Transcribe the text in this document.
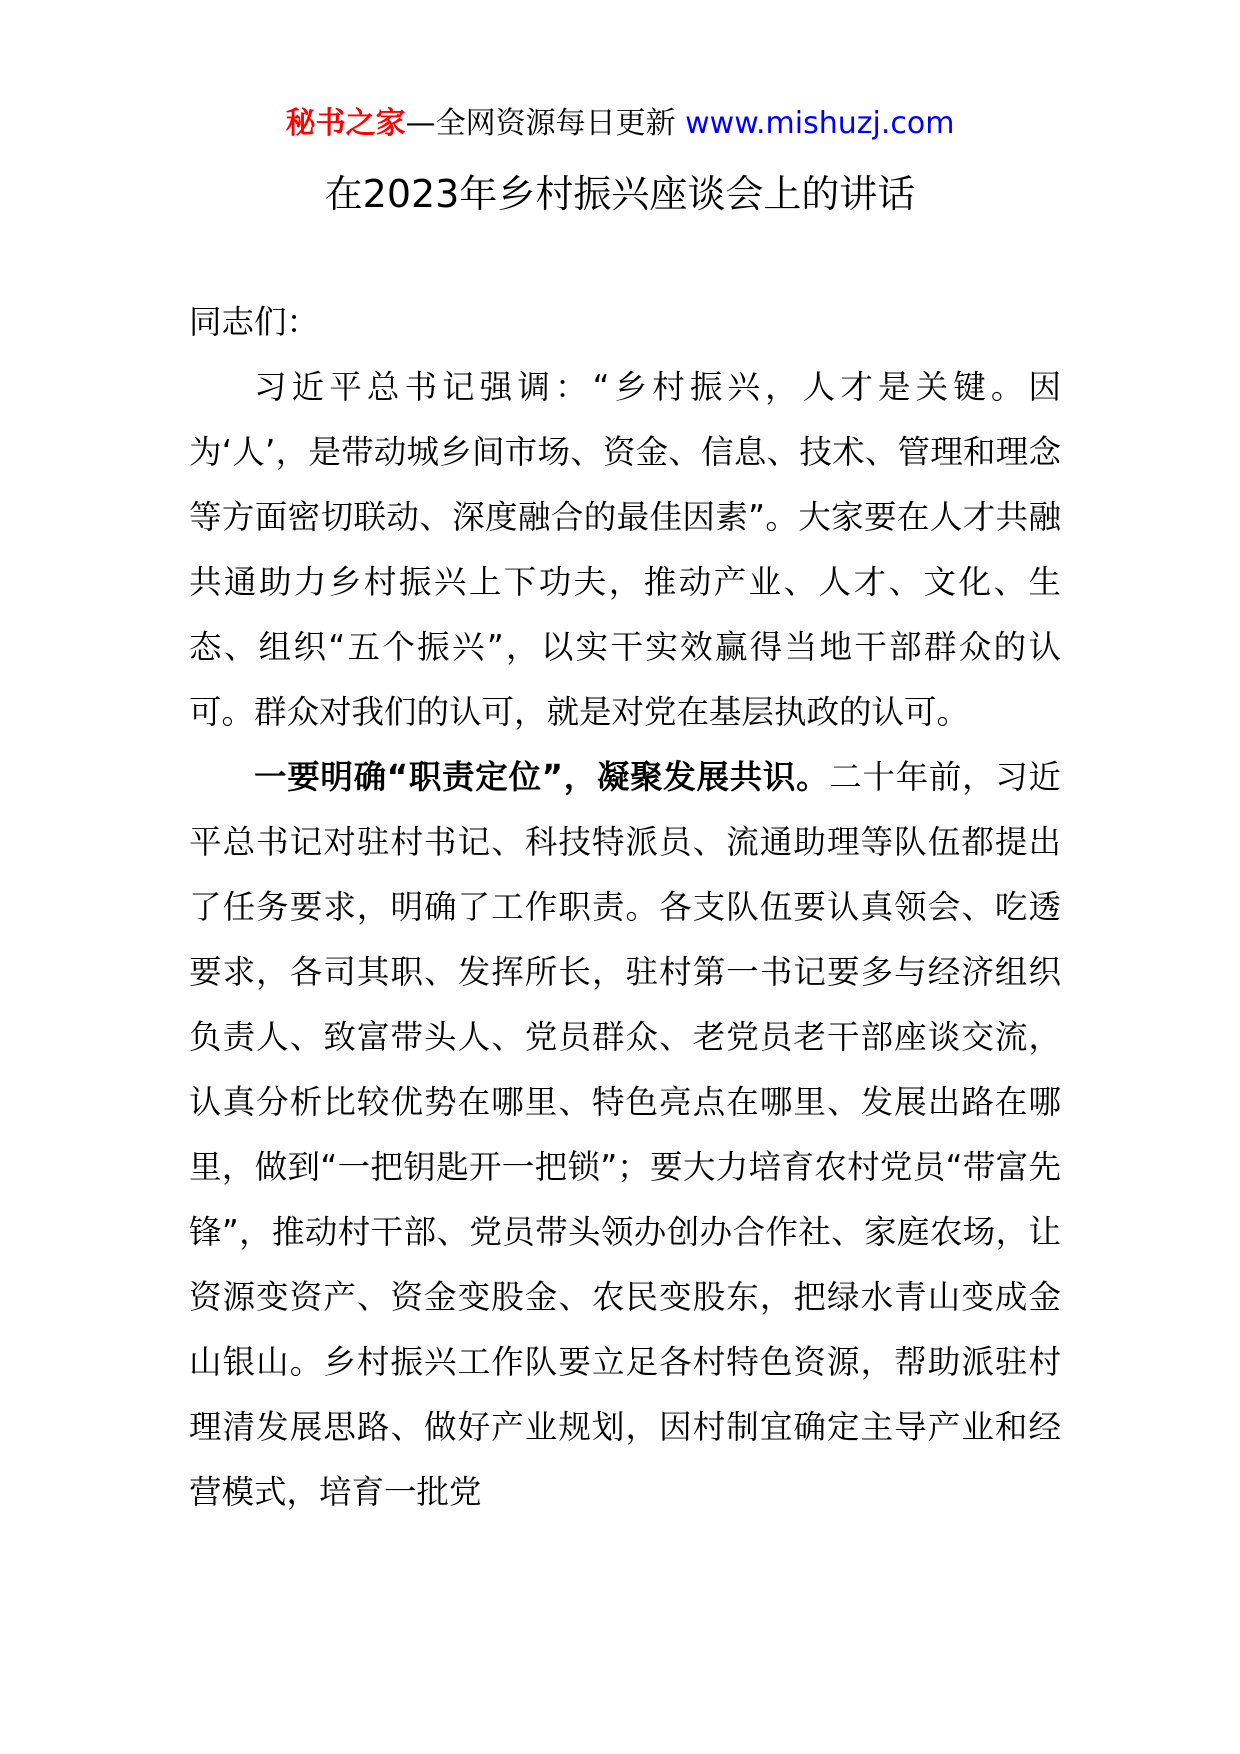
秘书之家—全网资源每日更新 www.mishuzj.com
在2023年乡村振兴座谈会上的讲话

同志们：

习近平总书记强调：“乡村振兴，人才是关键。因为‘人’，是带动城乡间市场、资金、信息、技术、管理和理念等方面密切联动、深度融合的最佳因素”。大家要在人才共融共通助力乡村振兴上下功夫，推动产业、人才、文化、生态、组织“五个振兴”，以实干实效赢得当地干部群众的认可。群众对我们的认可，就是对党在基层执政的认可。

一要明确“职责定位”，凝聚发展共识。二十年前，习近平总书记对驻村书记、科技特派员、流通助理等队伍都提出了任务要求，明确了工作职责。各支队伍要认真领会、吃透要求，各司其职、发挥所长，驻村第一书记要多与经济组织负责人、致富带头人、党员群众、老党员老干部座谈交流，认真分析比较优势在哪里、特色亮点在哪里、发展出路在哪里，做到“一把钥匙开一把锁”；要大力培育农村党员“带富先锋”，推动村干部、党员带头领办创办合作社、家庭农场，让资源变资产、资金变股金、农民变股东，把绿水青山变成金山银山。乡村振兴工作队要立足各村特色资源，帮助派驻村理清发展思路、做好产业规划，因村制宜确定主导产业和经营模式，培育一批党
